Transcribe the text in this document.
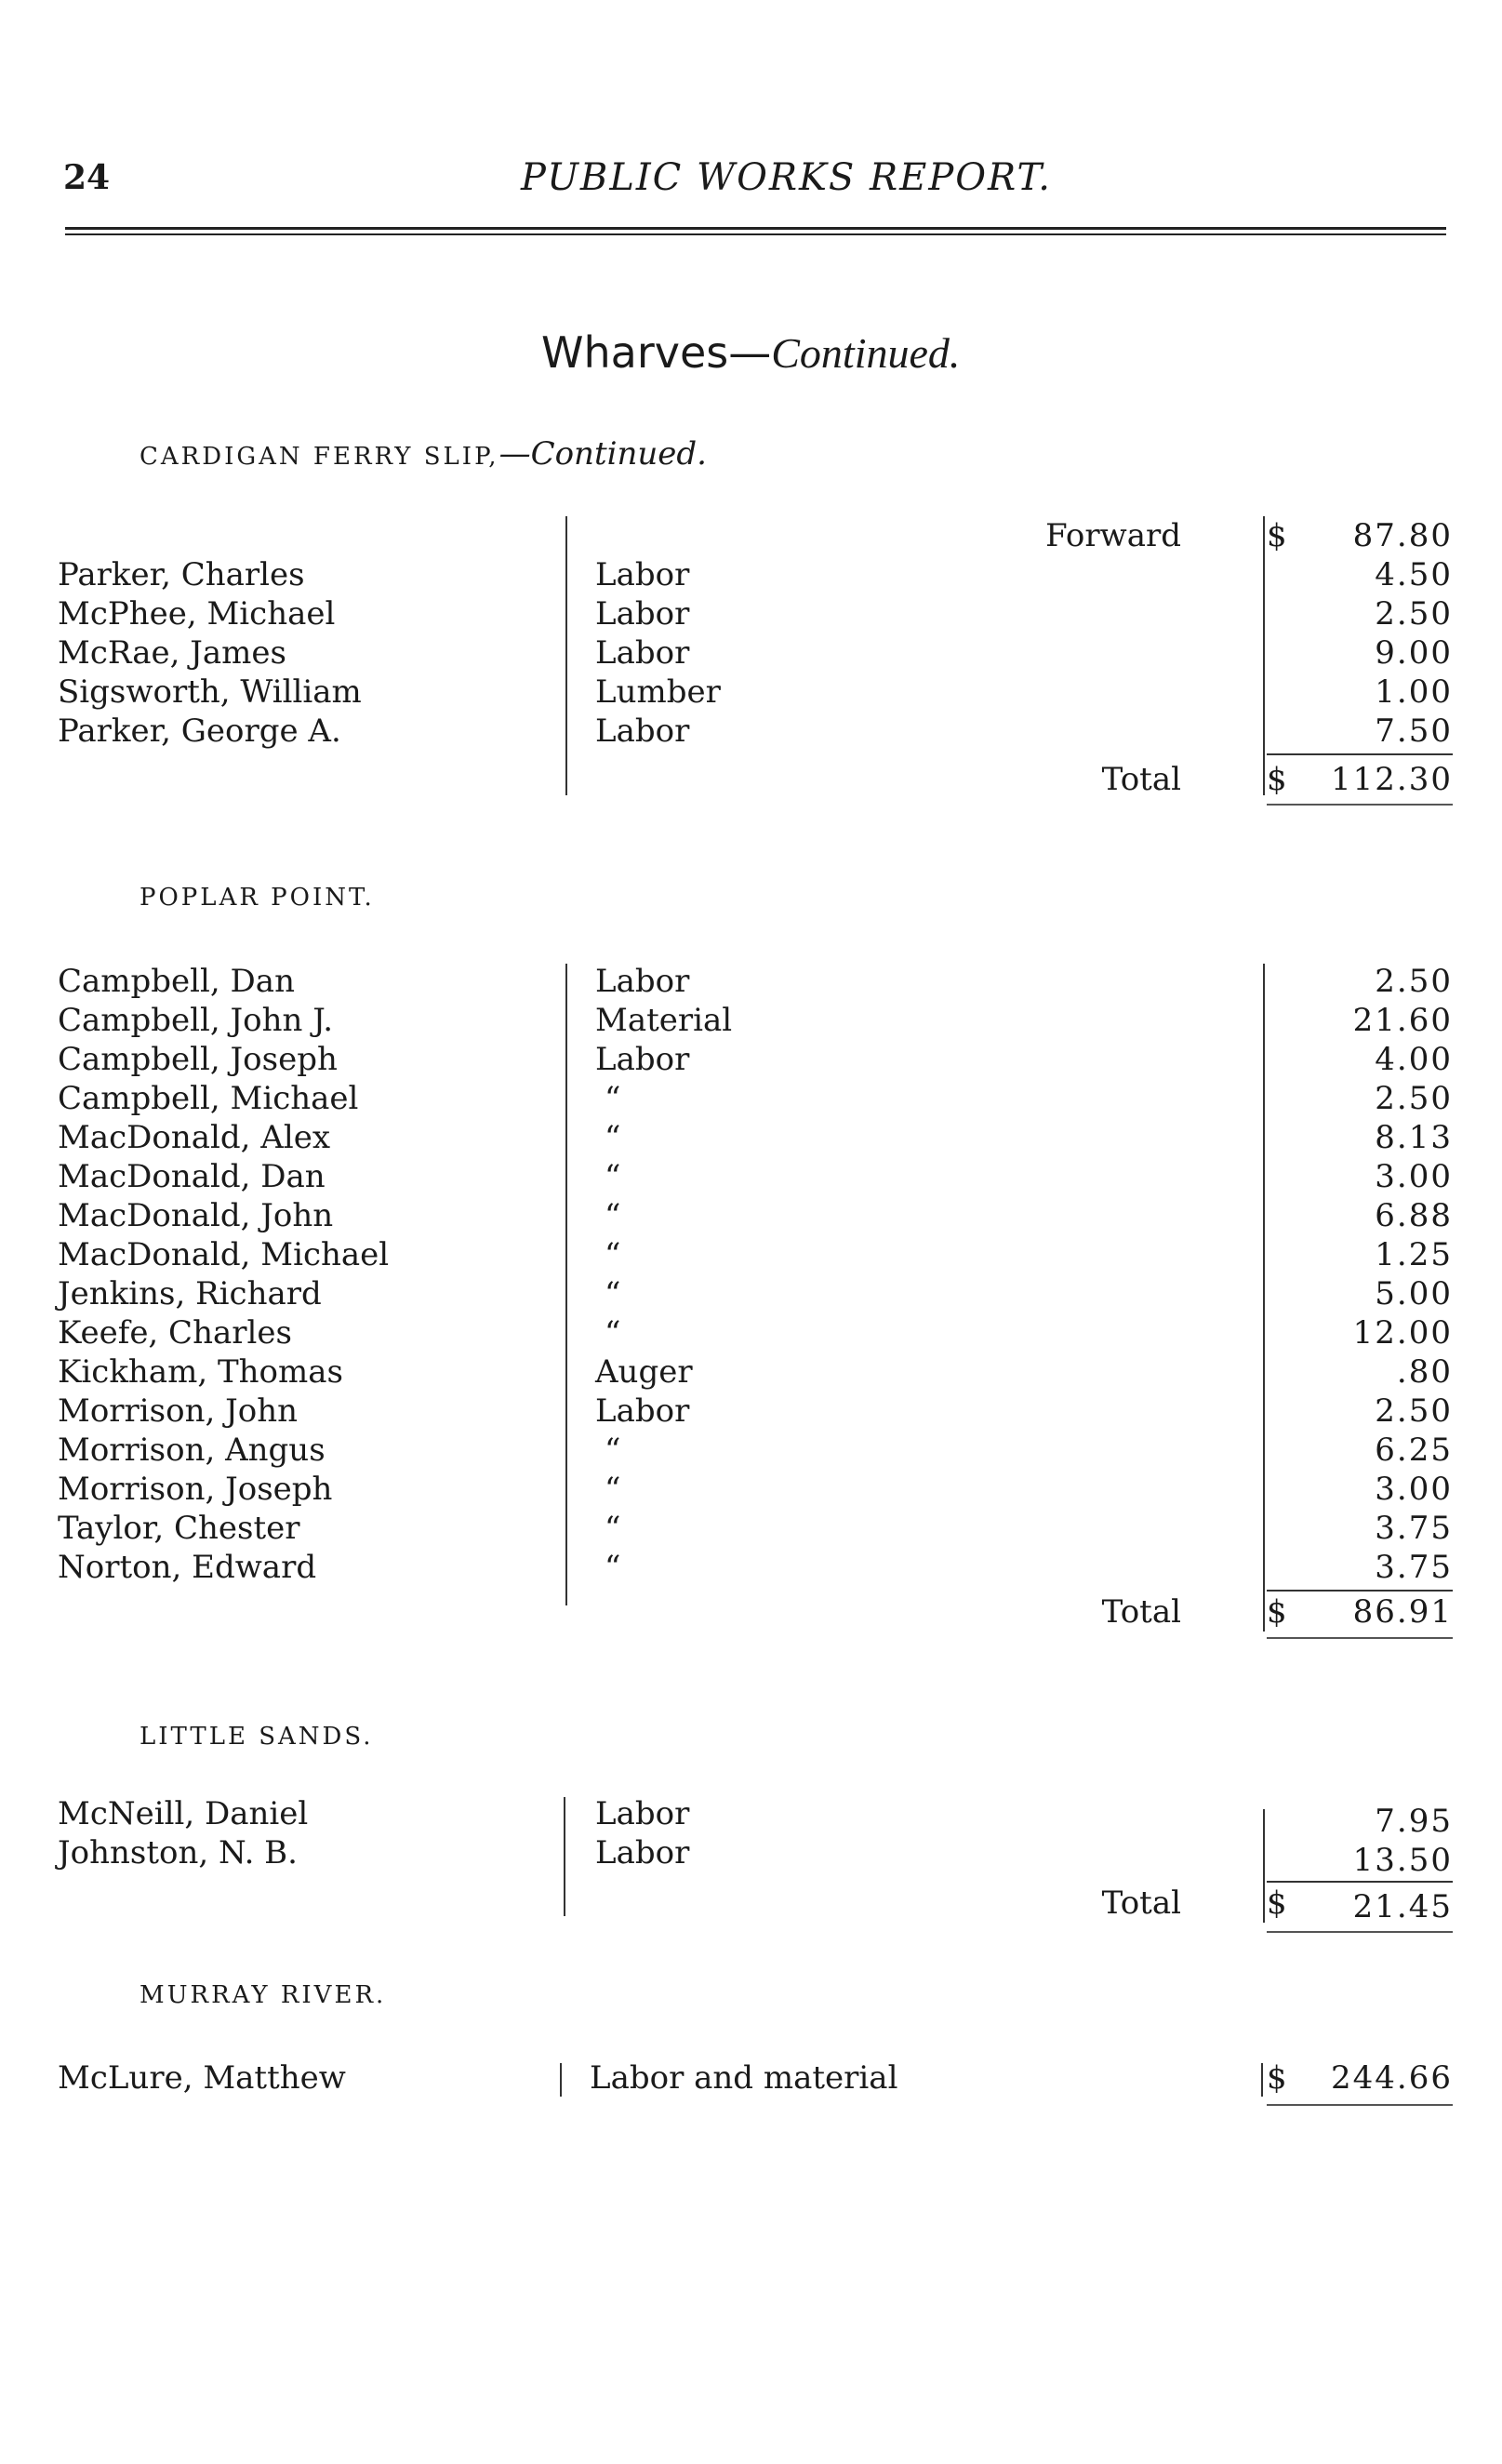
24	PUBLIC WORKS REPORT.
Wharves—Continued.
CARDIGAN FERRY SLIP,—Continued.
Forward	$	87.80
Parker, Charles	Labor	4.50
McPhee, Michael	Labor	2.50
McRae, James	Labor	9.00
Sigsworth, William	Lumber	1.00
Parker, George A.	Labor	7.50
Total	$	112.30
POPLAR POINT.
Campbell, Dan	Labor	2.50
Campbell, John J.	Material	21.60
Campbell, Joseph	Labor	4.00
Campbell, Michael	“	2.50
MacDonald, Alex	“	8.13
MacDonald, Dan	“	3.00
MacDonald, John	“	6.88
MacDonald, Michael	“	1.25
Jenkins, Richard	“	5.00
Keefe, Charles	“	12.00
Kickham, Thomas	Auger	.80
Morrison, John	Labor	2.50
Morrison, Angus	“	6.25
Morrison, Joseph	“	3.00
Taylor, Chester	“	3.75
Norton, Edward	“	3.75
Total	$	86.91
LITTLE SANDS.
McNeill, Daniel	Labor	7.95
Johnston, N. B.	Labor	13.50
Total	$	21.45
MURRAY RIVER.
McLure, Matthew	Labor and material	$	244.66
